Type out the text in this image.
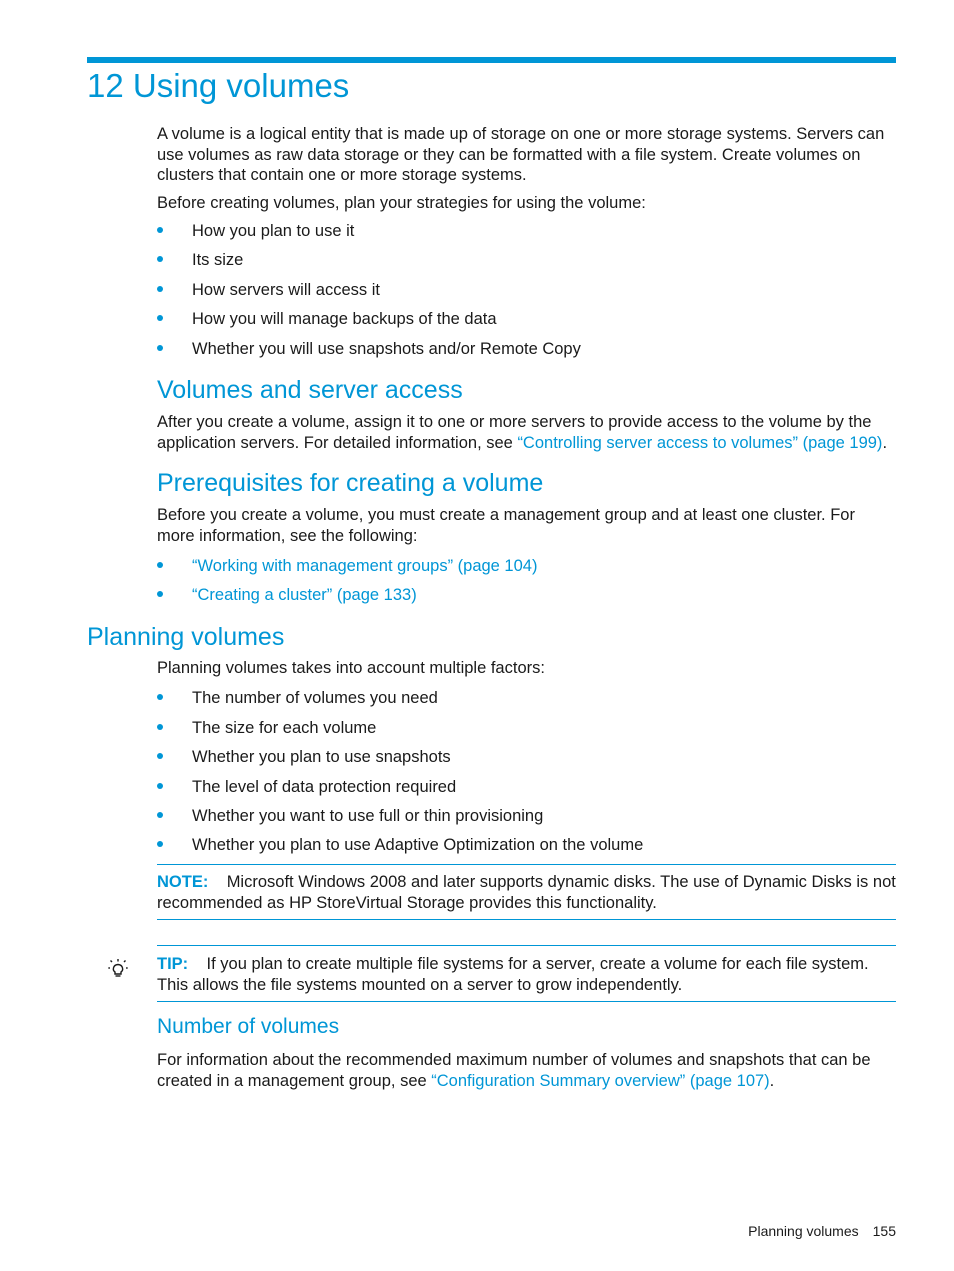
12 Using volumes

A volume is a logical entity that is made up of storage on one or more storage systems. Servers can use volumes as raw data storage or they can be formatted with a file system. Create volumes on clusters that contain one or more storage systems.

Before creating volumes, plan your strategies for using the volume:

How you plan to use it
Its size
How servers will access it
How you will manage backups of the data
Whether you will use snapshots and/or Remote Copy
Volumes and server access

After you create a volume, assign it to one or more servers to provide access to the volume by the application servers. For detailed information, see “Controlling server access to volumes” (page 199).

Prerequisites for creating a volume

Before you create a volume, you must create a management group and at least one cluster. For more information, see the following:

“Working with management groups” (page 104)
“Creating a cluster” (page 133)
Planning volumes

Planning volumes takes into account multiple factors:

The number of volumes you need
The size for each volume
Whether you plan to use snapshots
The level of data protection required
Whether you want to use full or thin provisioning
Whether you plan to use Adaptive Optimization on the volume

NOTE: Microsoft Windows 2008 and later supports dynamic disks. The use of Dynamic Disks is not recommended as HP StoreVirtual Storage provides this functionality.

TIP: If you plan to create multiple file systems for a server, create a volume for each file system. This allows the file systems mounted on a server to grow independently.

Number of volumes

For information about the recommended maximum number of volumes and snapshots that can be created in a management group, see “Configuration Summary overview” (page 107).

Planning volumes 155
